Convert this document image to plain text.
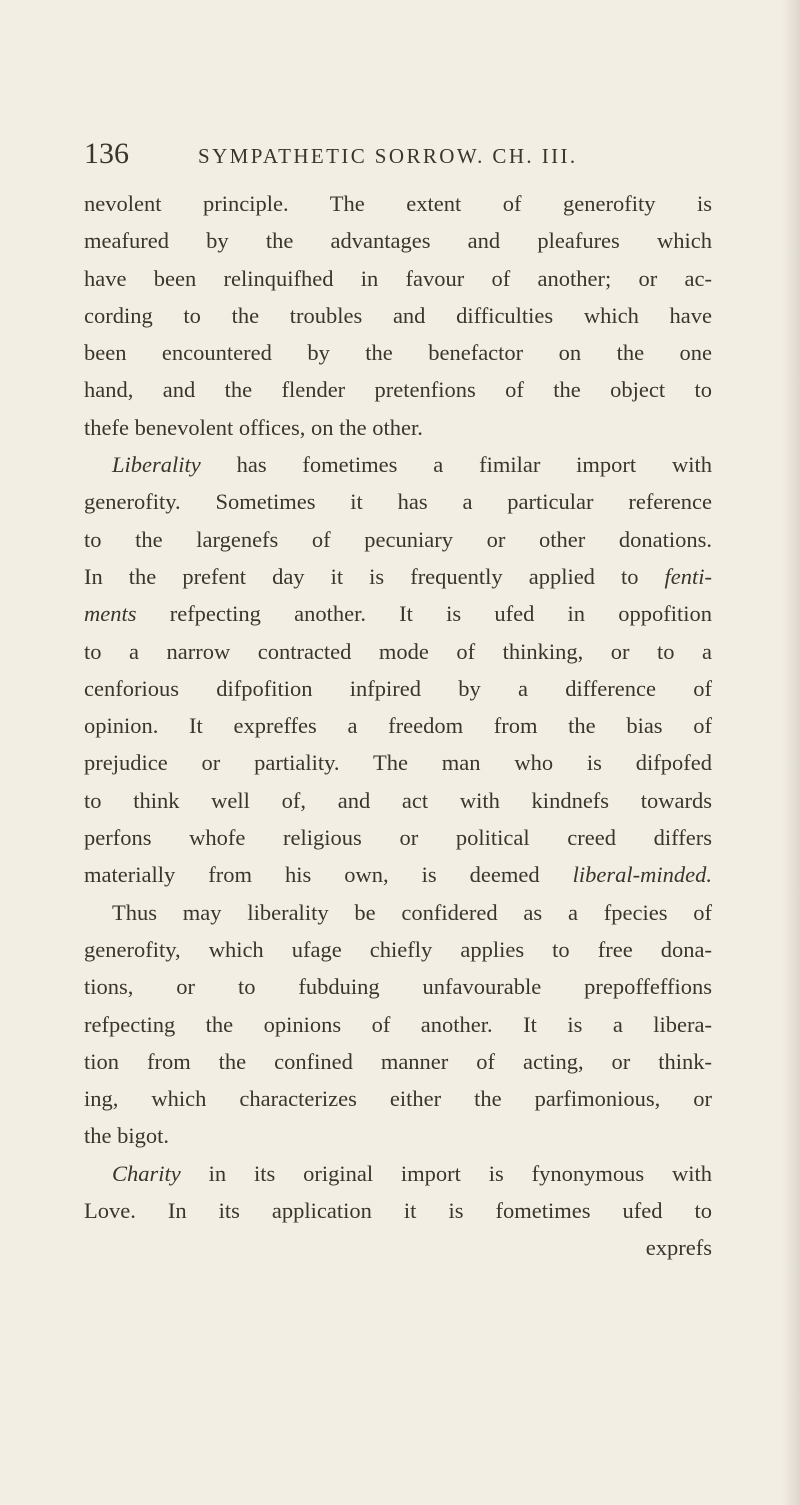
136	SYMPATHETIC SORROW. CH. III.
nevolent principle. The extent of generofity is
meafured by the advantages and pleafures which
have been relinquifhed in favour of another; or ac-
cording to the troubles and difficulties which have
been encountered by the benefactor on the one
hand, and the flender pretenfions of the object to
thefe benevolent offices, on the other.
Liberality has fometimes a fimilar import with
generofity. Sometimes it has a particular reference
to the largenefs of pecuniary or other donations.
In the prefent day it is frequently applied to fenti-
ments refpecting another. It is ufed in oppofition
to a narrow contracted mode of thinking, or to a
cenforious difpofition infpired by a difference of
opinion. It expreffes a freedom from the bias of
prejudice or partiality. The man who is difpofed
to think well of, and act with kindnefs towards
perfons whofe religious or political creed differs
materially from his own, is deemed liberal-minded.
Thus may liberality be confidered as a fpecies of
generofity, which ufage chiefly applies to free dona-
tions, or to fubduing unfavourable prepoffeffions
refpecting the opinions of another. It is a libera-
tion from the confined manner of acting, or think-
ing, which characterizes either the parfimonious, or
the bigot.
Charity in its original import is fynonymous with
Love. In its application it is fometimes ufed to
exprefs
